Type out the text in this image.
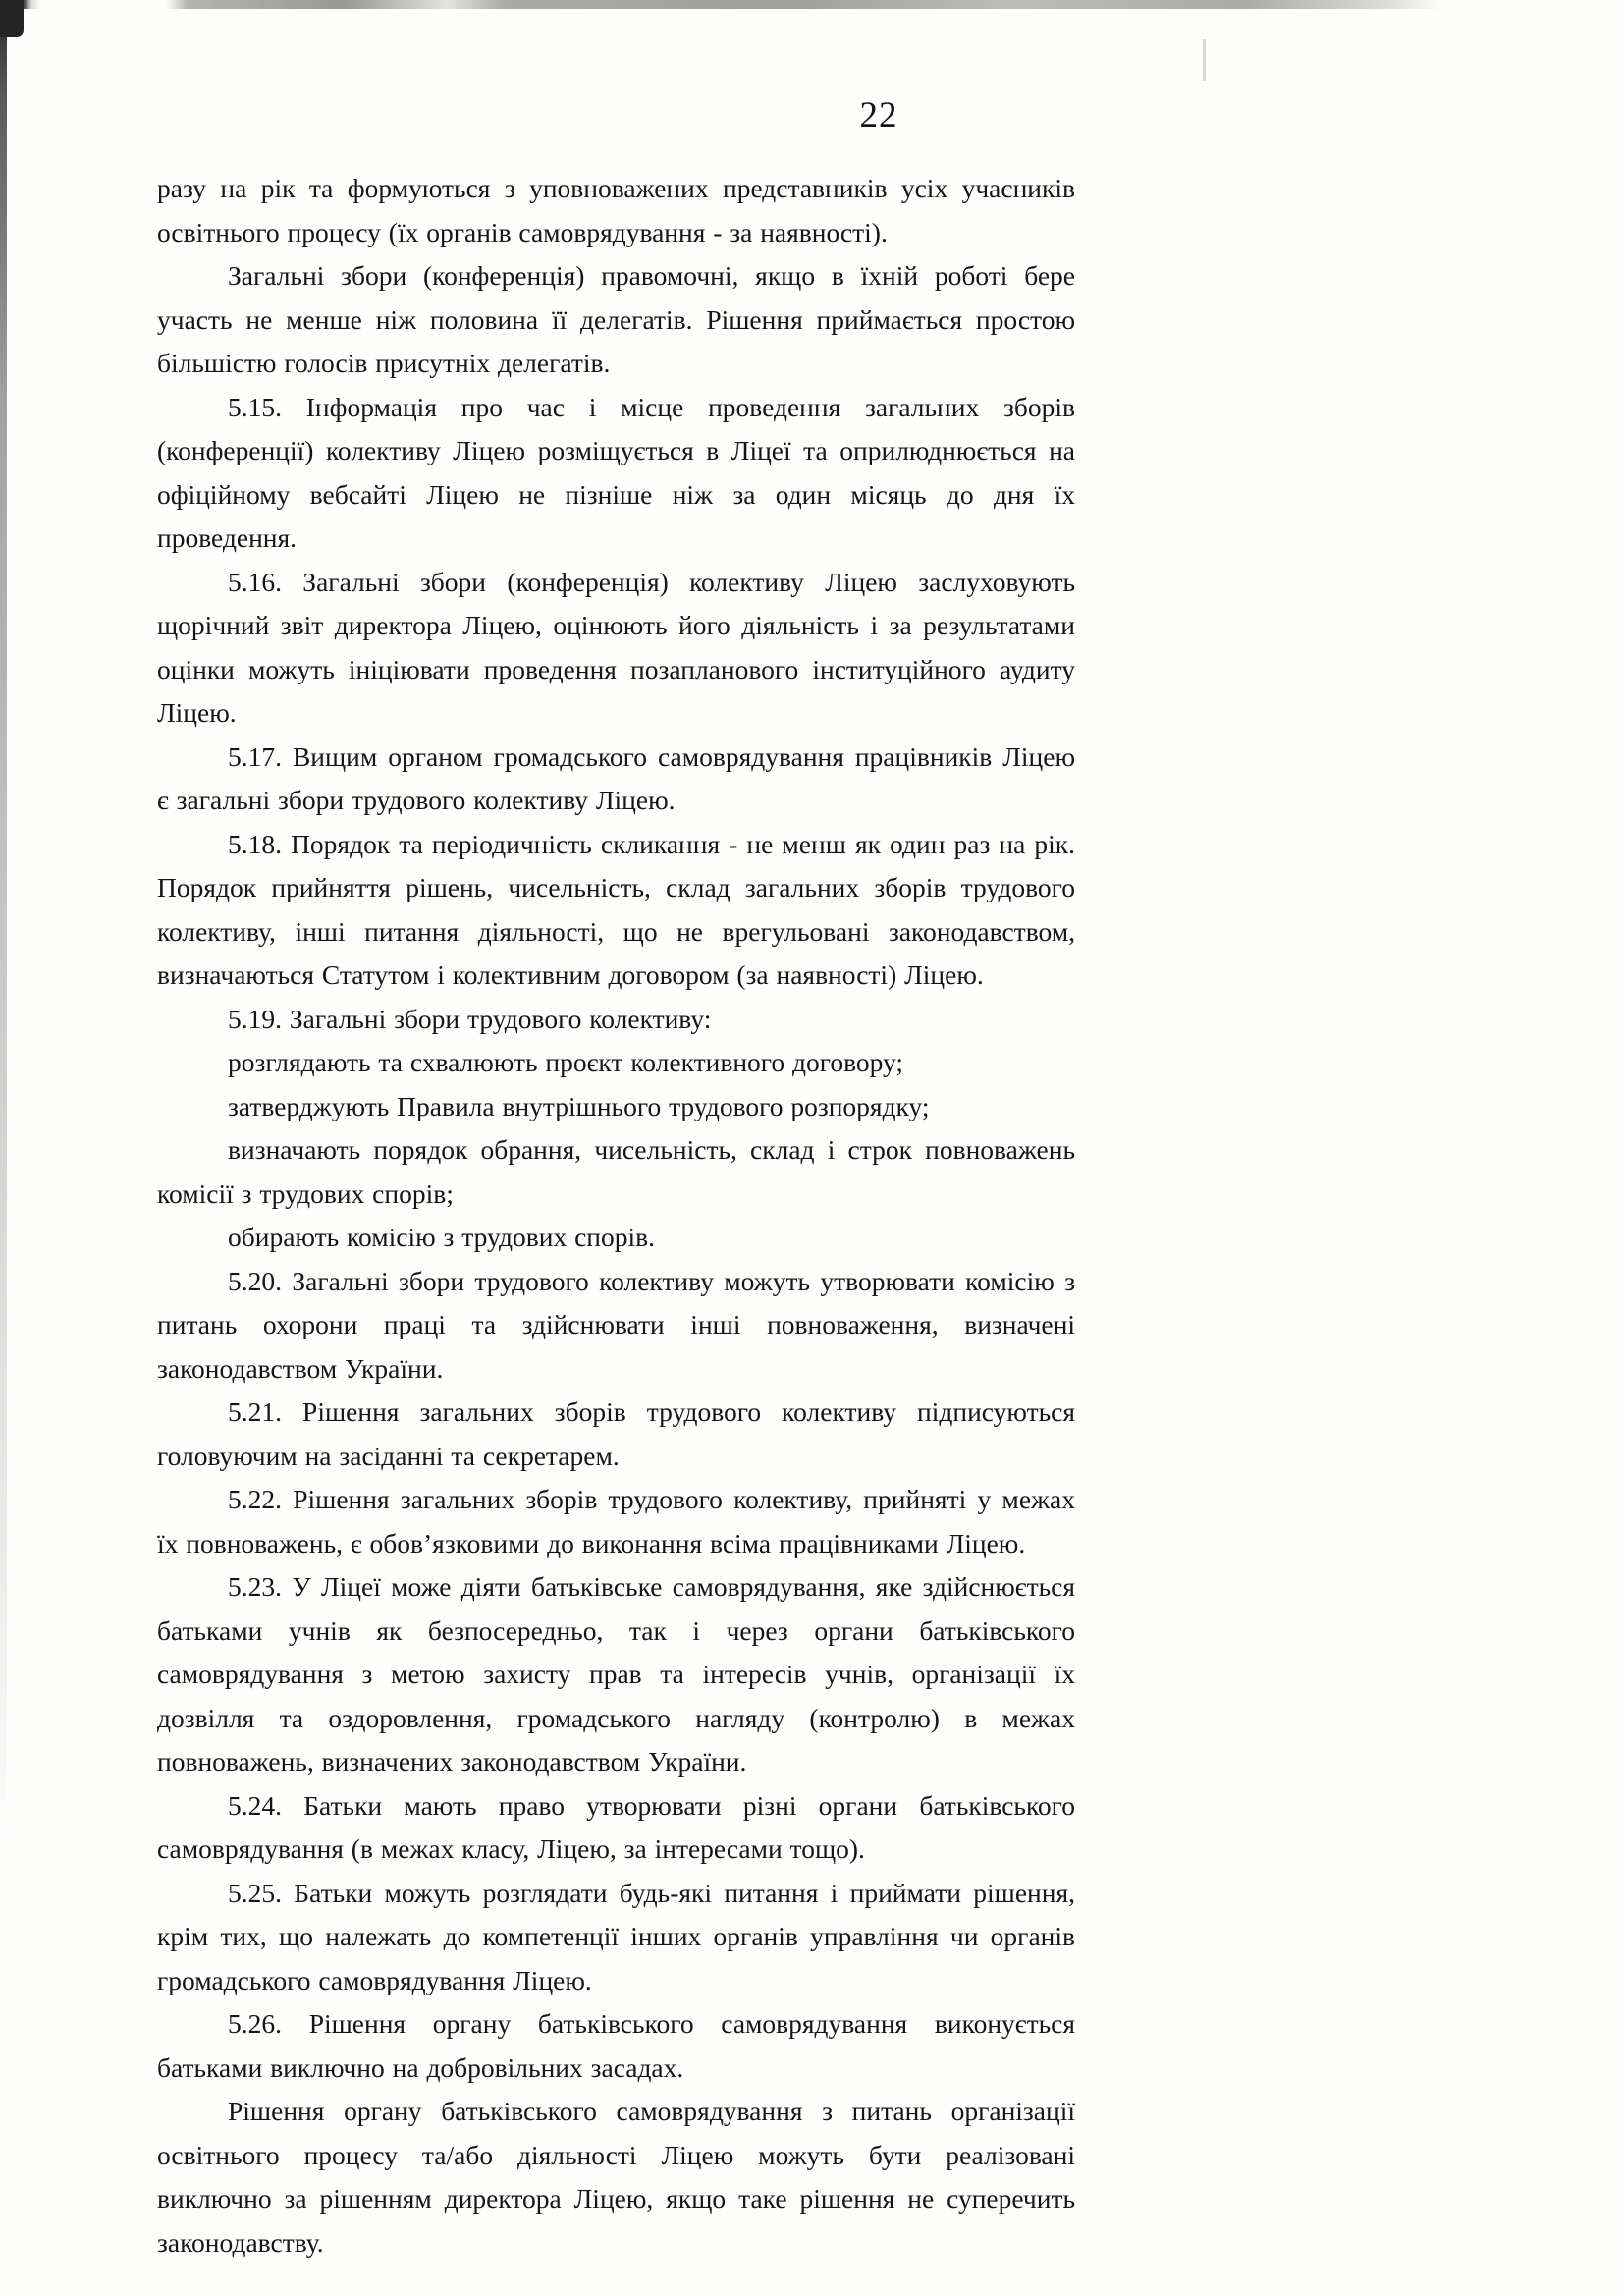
22

разу на рік та формуються з уповноважених представників усіх учасників освітнього процесу (їх органів самоврядування - за наявності).

Загальні збори (конференція) правомочні, якщо в їхній роботі бере участь не менше ніж половина її делегатів. Рішення приймається простою більшістю голосів присутніх делегатів.

5.15. Інформація про час і місце проведення загальних зборів (конференції) колективу Ліцею розміщується в Ліцеї та оприлюднюється на офіційному вебсайті Ліцею не пізніше ніж за один місяць до дня їх проведення.

5.16. Загальні збори (конференція) колективу Ліцею заслуховують щорічний звіт директора Ліцею, оцінюють його діяльність і за результатами оцінки можуть ініціювати проведення позапланового інституційного аудиту Ліцею.

5.17. Вищим органом громадського самоврядування працівників Ліцею є загальні збори трудового колективу Ліцею.

5.18. Порядок та періодичність скликання - не менш як один раз на рік. Порядок прийняття рішень, чисельність, склад загальних зборів трудового колективу, інші питання діяльності, що не врегульовані законодавством, визначаються Статутом і колективним договором (за наявності) Ліцею.

5.19. Загальні збори трудового колективу:

розглядають та схвалюють проєкт колективного договору;

затверджують Правила внутрішнього трудового розпорядку;

визначають порядок обрання, чисельність, склад і строк повноважень комісії з трудових спорів;

обирають комісію з трудових спорів.

5.20. Загальні збори трудового колективу можуть утворювати комісію з питань охорони праці та здійснювати інші повноваження, визначені законодавством України.

5.21. Рішення загальних зборів трудового колективу підписуються головуючим на засіданні та секретарем.

5.22. Рішення загальних зборів трудового колективу, прийняті у межах їх повноважень, є обов’язковими до виконання всіма працівниками Ліцею.

5.23. У Ліцеї може діяти батьківське самоврядування, яке здійснюється батьками учнів як безпосередньо, так і через органи батьківського самоврядування з метою захисту прав та інтересів учнів, організації їх дозвілля та оздоровлення, громадського нагляду (контролю) в межах повноважень, визначених законодавством України.

5.24. Батьки мають право утворювати різні органи батьківського самоврядування (в межах класу, Ліцею, за інтересами тощо).

5.25. Батьки можуть розглядати будь-які питання і приймати рішення, крім тих, що належать до компетенції інших органів управління чи органів громадського самоврядування Ліцею.

5.26. Рішення органу батьківського самоврядування виконується батьками виключно на добровільних засадах.

Рішення органу батьківського самоврядування з питань організації освітнього процесу та/або діяльності Ліцею можуть бути реалізовані виключно за рішенням директора Ліцею, якщо таке рішення не суперечить законодавству.
